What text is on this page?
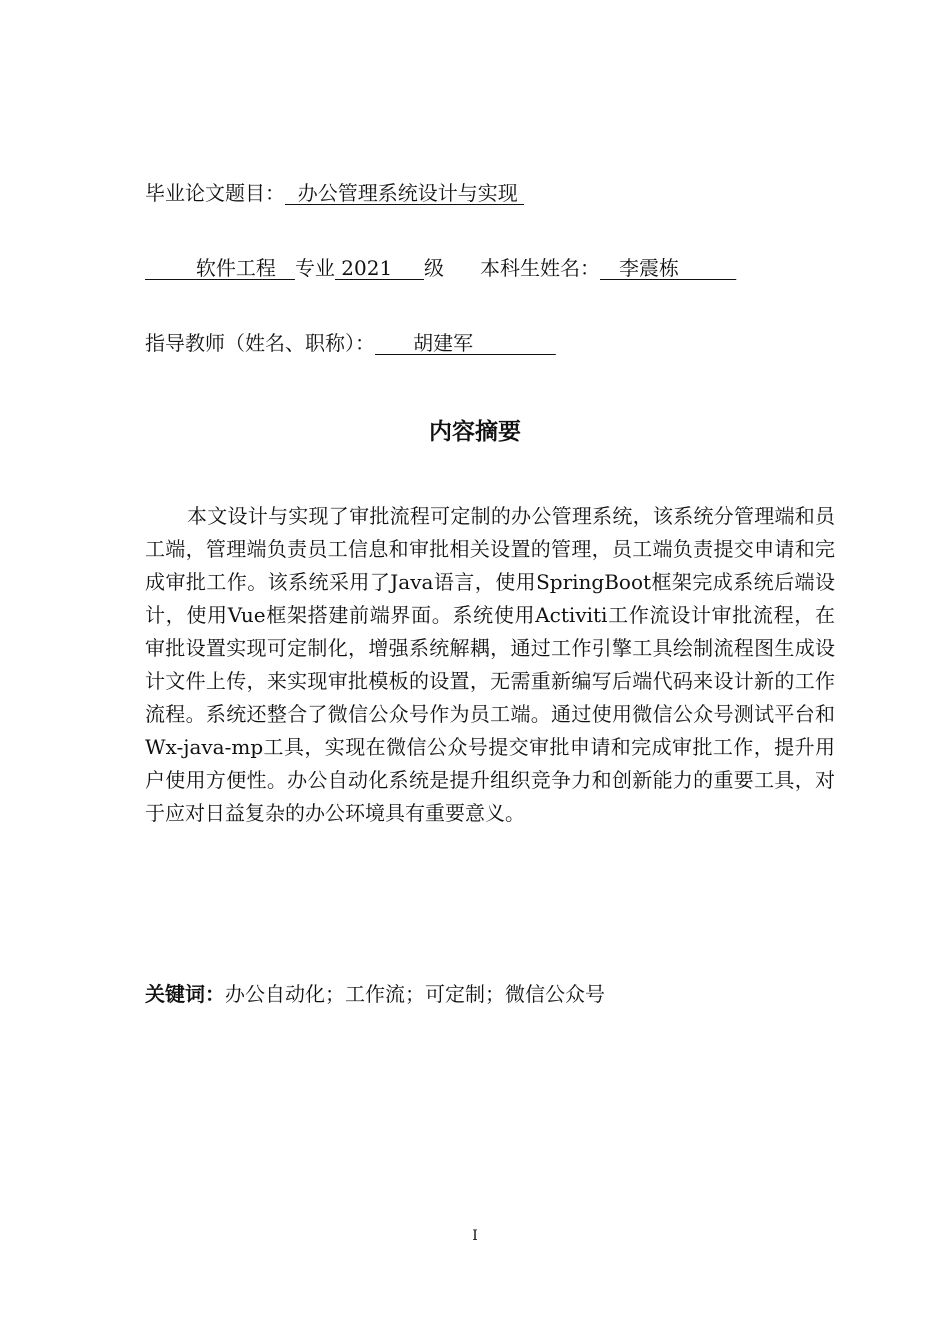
毕业论文题目：  办公管理系统设计与实现
软件工程   专业 2021     级 本科生姓名：   李震栋
指导教师（姓名、职称）：      胡建军
内容摘要

本文设计与实现了审批流程可定制的办公管理系统，该系统分管理端和员工端，管理端负责员工信息和审批相关设置的管理，员工端负责提交申请和完成审批工作。该系统采用了Java语言，使用SpringBoot框架完成系统后端设计，使用Vue框架搭建前端界面。系统使用Activiti工作流设计审批流程，在审批设置实现可定制化，增强系统解耦，通过工作引擎工具绘制流程图生成设计文件上传，来实现审批模板的设置，无需重新编写后端代码来设计新的工作流程。系统还整合了微信公众号作为员工端。通过使用微信公众号测试平台和Wx-java-mp工具，实现在微信公众号提交审批申请和完成审批工作，提升用户使用方便性。办公自动化系统是提升组织竞争力和创新能力的重要工具，对于应对日益复杂的办公环境具有重要意义。

关键词：办公自动化；工作流；可定制；微信公众号
I
